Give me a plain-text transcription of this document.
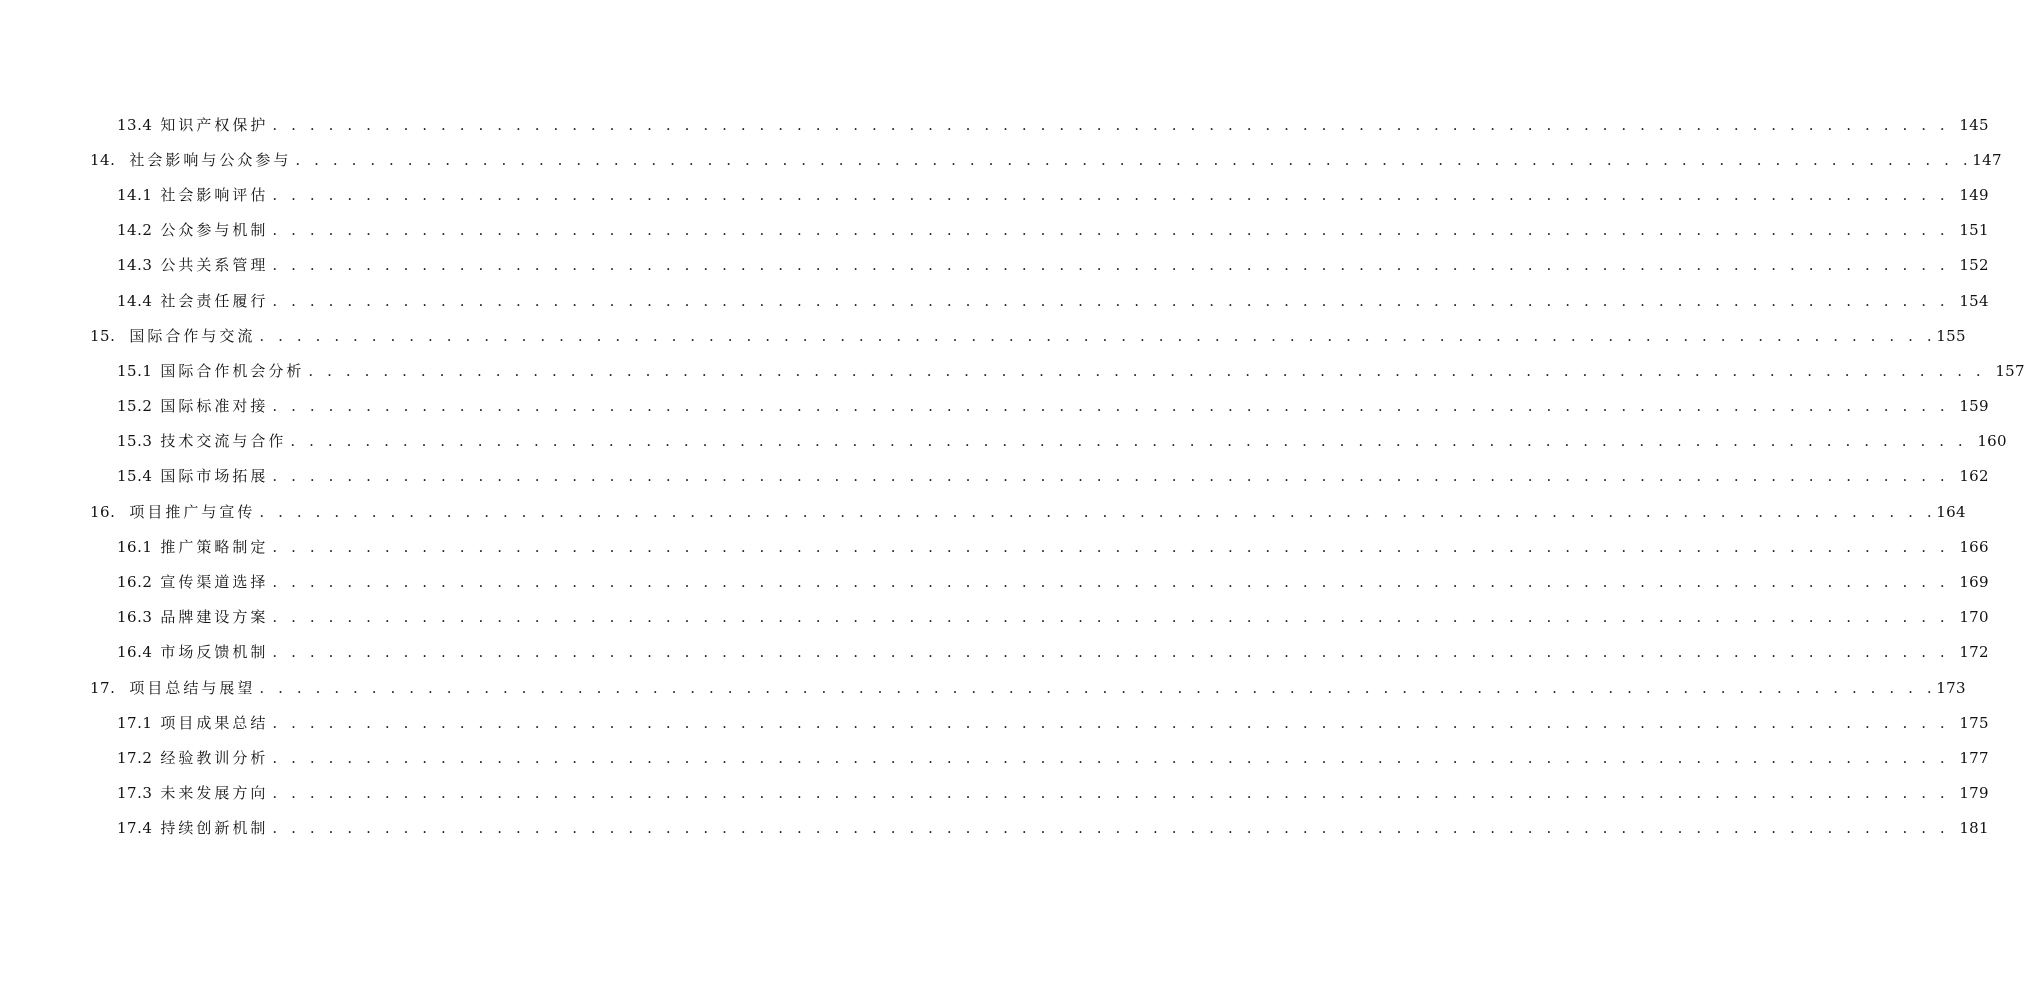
13.4 知识产权保护 . . . . . . . . . . . . . . . . . . . . . . . . . . . . . . . . . . . . . . . . . . . . . . . . . . . . . . . . . . . . . . . . . . . . . . . . . . . . . . . . . . . . . . . . . . 145
14. 社会影响与公众参与 . . . . . . . . . . . . . . . . . . . . . . . . . . . . . . . . . . . . . . . . . . . . . . . . . . . . . . . . . . . . . . . . . . . . . . . . . . . . . . . . . . . . . . . . . . 147
14.1 社会影响评估 . . . . . . . . . . . . . . . . . . . . . . . . . . . . . . . . . . . . . . . . . . . . . . . . . . . . . . . . . . . . . . . . . . . . . . . . . . . . . . . . . . . . . . . . . . 149
14.2 公众参与机制 . . . . . . . . . . . . . . . . . . . . . . . . . . . . . . . . . . . . . . . . . . . . . . . . . . . . . . . . . . . . . . . . . . . . . . . . . . . . . . . . . . . . . . . . . . 151
14.3 公共关系管理 . . . . . . . . . . . . . . . . . . . . . . . . . . . . . . . . . . . . . . . . . . . . . . . . . . . . . . . . . . . . . . . . . . . . . . . . . . . . . . . . . . . . . . . . . . 152
14.4 社会责任履行 . . . . . . . . . . . . . . . . . . . . . . . . . . . . . . . . . . . . . . . . . . . . . . . . . . . . . . . . . . . . . . . . . . . . . . . . . . . . . . . . . . . . . . . . . . 154
15. 国际合作与交流 . . . . . . . . . . . . . . . . . . . . . . . . . . . . . . . . . . . . . . . . . . . . . . . . . . . . . . . . . . . . . . . . . . . . . . . . . . . . . . . . . . . . . . . . . . 155
15.1 国际合作机会分析 . . . . . . . . . . . . . . . . . . . . . . . . . . . . . . . . . . . . . . . . . . . . . . . . . . . . . . . . . . . . . . . . . . . . . . . . . . . . . . . . . . . . . . . . . . 157
15.2 国际标准对接 . . . . . . . . . . . . . . . . . . . . . . . . . . . . . . . . . . . . . . . . . . . . . . . . . . . . . . . . . . . . . . . . . . . . . . . . . . . . . . . . . . . . . . . . . . 159
15.3 技术交流与合作 . . . . . . . . . . . . . . . . . . . . . . . . . . . . . . . . . . . . . . . . . . . . . . . . . . . . . . . . . . . . . . . . . . . . . . . . . . . . . . . . . . . . . . . . . . 160
15.4 国际市场拓展 . . . . . . . . . . . . . . . . . . . . . . . . . . . . . . . . . . . . . . . . . . . . . . . . . . . . . . . . . . . . . . . . . . . . . . . . . . . . . . . . . . . . . . . . . . 162
16. 项目推广与宣传 . . . . . . . . . . . . . . . . . . . . . . . . . . . . . . . . . . . . . . . . . . . . . . . . . . . . . . . . . . . . . . . . . . . . . . . . . . . . . . . . . . . . . . . . . . 164
16.1 推广策略制定 . . . . . . . . . . . . . . . . . . . . . . . . . . . . . . . . . . . . . . . . . . . . . . . . . . . . . . . . . . . . . . . . . . . . . . . . . . . . . . . . . . . . . . . . . . 166
16.2 宣传渠道选择 . . . . . . . . . . . . . . . . . . . . . . . . . . . . . . . . . . . . . . . . . . . . . . . . . . . . . . . . . . . . . . . . . . . . . . . . . . . . . . . . . . . . . . . . . . 169
16.3 品牌建设方案 . . . . . . . . . . . . . . . . . . . . . . . . . . . . . . . . . . . . . . . . . . . . . . . . . . . . . . . . . . . . . . . . . . . . . . . . . . . . . . . . . . . . . . . . . . 170
16.4 市场反馈机制 . . . . . . . . . . . . . . . . . . . . . . . . . . . . . . . . . . . . . . . . . . . . . . . . . . . . . . . . . . . . . . . . . . . . . . . . . . . . . . . . . . . . . . . . . . 172
17. 项目总结与展望 . . . . . . . . . . . . . . . . . . . . . . . . . . . . . . . . . . . . . . . . . . . . . . . . . . . . . . . . . . . . . . . . . . . . . . . . . . . . . . . . . . . . . . . . . . 173
17.1 项目成果总结 . . . . . . . . . . . . . . . . . . . . . . . . . . . . . . . . . . . . . . . . . . . . . . . . . . . . . . . . . . . . . . . . . . . . . . . . . . . . . . . . . . . . . . . . . . 175
17.2 经验教训分析 . . . . . . . . . . . . . . . . . . . . . . . . . . . . . . . . . . . . . . . . . . . . . . . . . . . . . . . . . . . . . . . . . . . . . . . . . . . . . . . . . . . . . . . . . . 177
17.3 未来发展方向 . . . . . . . . . . . . . . . . . . . . . . . . . . . . . . . . . . . . . . . . . . . . . . . . . . . . . . . . . . . . . . . . . . . . . . . . . . . . . . . . . . . . . . . . . . 179
17.4 持续创新机制 . . . . . . . . . . . . . . . . . . . . . . . . . . . . . . . . . . . . . . . . . . . . . . . . . . . . . . . . . . . . . . . . . . . . . . . . . . . . . . . . . . . . . . . . . . 181
